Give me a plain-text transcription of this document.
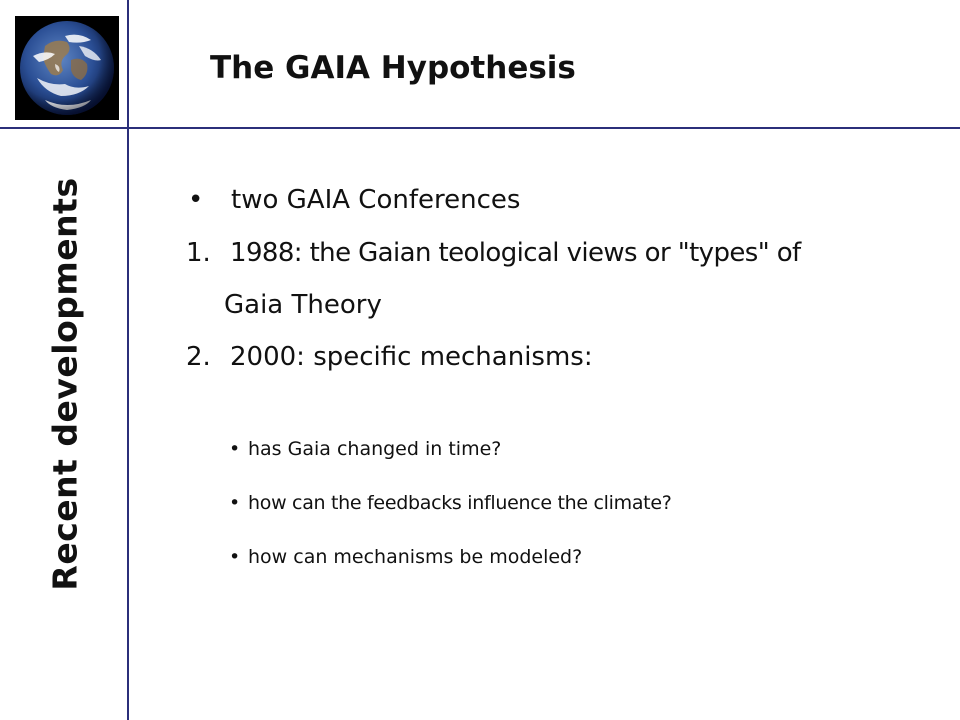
The GAIA Hypothesis
Recent developments	• two GAIA Conferences
1. 1988: the Gaian teological views or "types" of
Gaia Theory
2. 2000: specific mechanisms:
• has Gaia changed in time?
• how can the feedbacks influence the climate?
• how can mechanisms be modeled?
